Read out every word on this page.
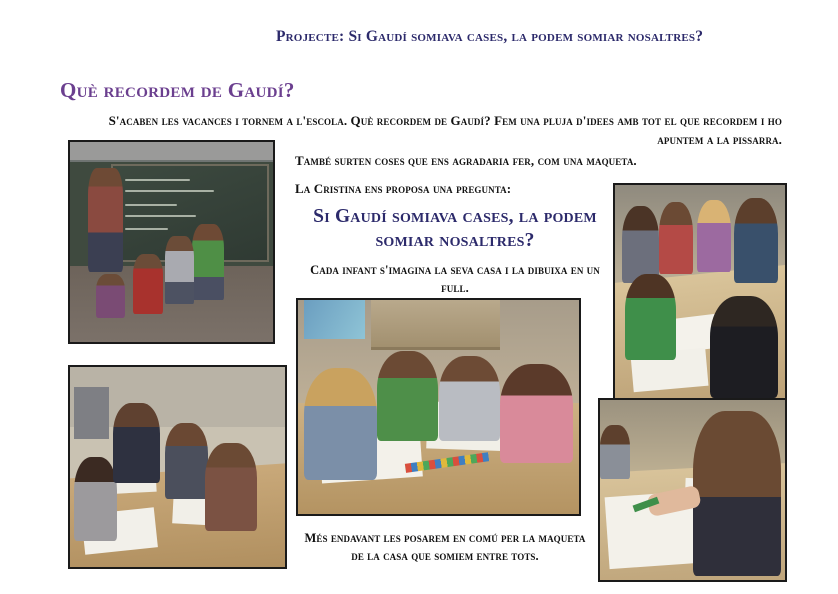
Projecte: Si Gaudí somiava cases, la podem somiar nosaltres?
Què recordem de Gaudí?
S'acaben les vacances i tornem a l'escola. Què recordem de Gaudí? Fem una pluja d'idees amb tot el que recordem i ho apuntem a la pissarra.
També surten coses que ens agradaria fer, com una maqueta.
La Cristina ens proposa una pregunta:
Si Gaudí somiava cases, la podem somiar nosaltres?
Cada infant s'imagina la seva casa i la dibuixa en un full.
Més endavant les posarem en comú per la maqueta de la casa que somiem entre tots.
